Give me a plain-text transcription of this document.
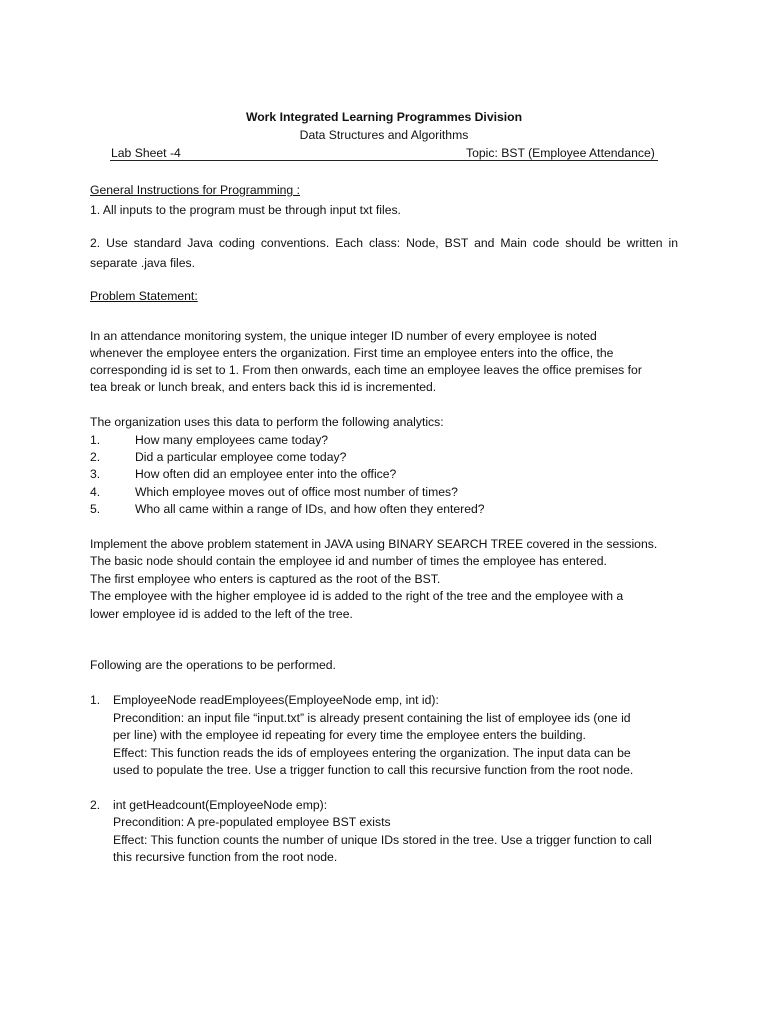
Work Integrated Learning Programmes Division
Data Structures and Algorithms
Lab Sheet -4	Topic: BST (Employee Attendance)
General Instructions for Programming :
1. All inputs to the program must be through input txt files.
2. Use standard Java coding conventions. Each class: Node, BST and Main code should be written in
separate .java files.
Problem Statement:
In an attendance monitoring system, the unique integer ID number of every employee is noted
whenever the employee enters the organization. First time an employee enters into the office, the
corresponding id is set to 1. From then onwards, each time an employee leaves the office premises for
tea break or lunch break, and enters back this id is incremented.
The organization uses this data to perform the following analytics:
1.	How many employees came today?
2.	Did a particular employee come today?
3.	How often did an employee enter into the office?
4.	Which employee moves out of office most number of times?
5.	Who all came within a range of IDs, and how often they entered?
Implement the above problem statement in JAVA using BINARY SEARCH TREE covered in the sessions.
The basic node should contain the employee id and number of times the employee has entered.
The first employee who enters is captured as the root of the BST.
The employee with the higher employee id is added to the right of the tree and the employee with a
lower employee id is added to the left of the tree.
Following are the operations to be performed.
1. EmployeeNode readEmployees(EmployeeNode emp, int id):
Precondition: an input file “input.txt” is already present containing the list of employee ids (one id
per line) with the employee id repeating for every time the employee enters the building.
Effect: This function reads the ids of employees entering the organization. The input data can be
used to populate the tree. Use a trigger function to call this recursive function from the root node.
2. int getHeadcount(EmployeeNode emp):
Precondition: A pre-populated employee BST exists
Effect: This function counts the number of unique IDs stored in the tree. Use a trigger function to call
this recursive function from the root node.
